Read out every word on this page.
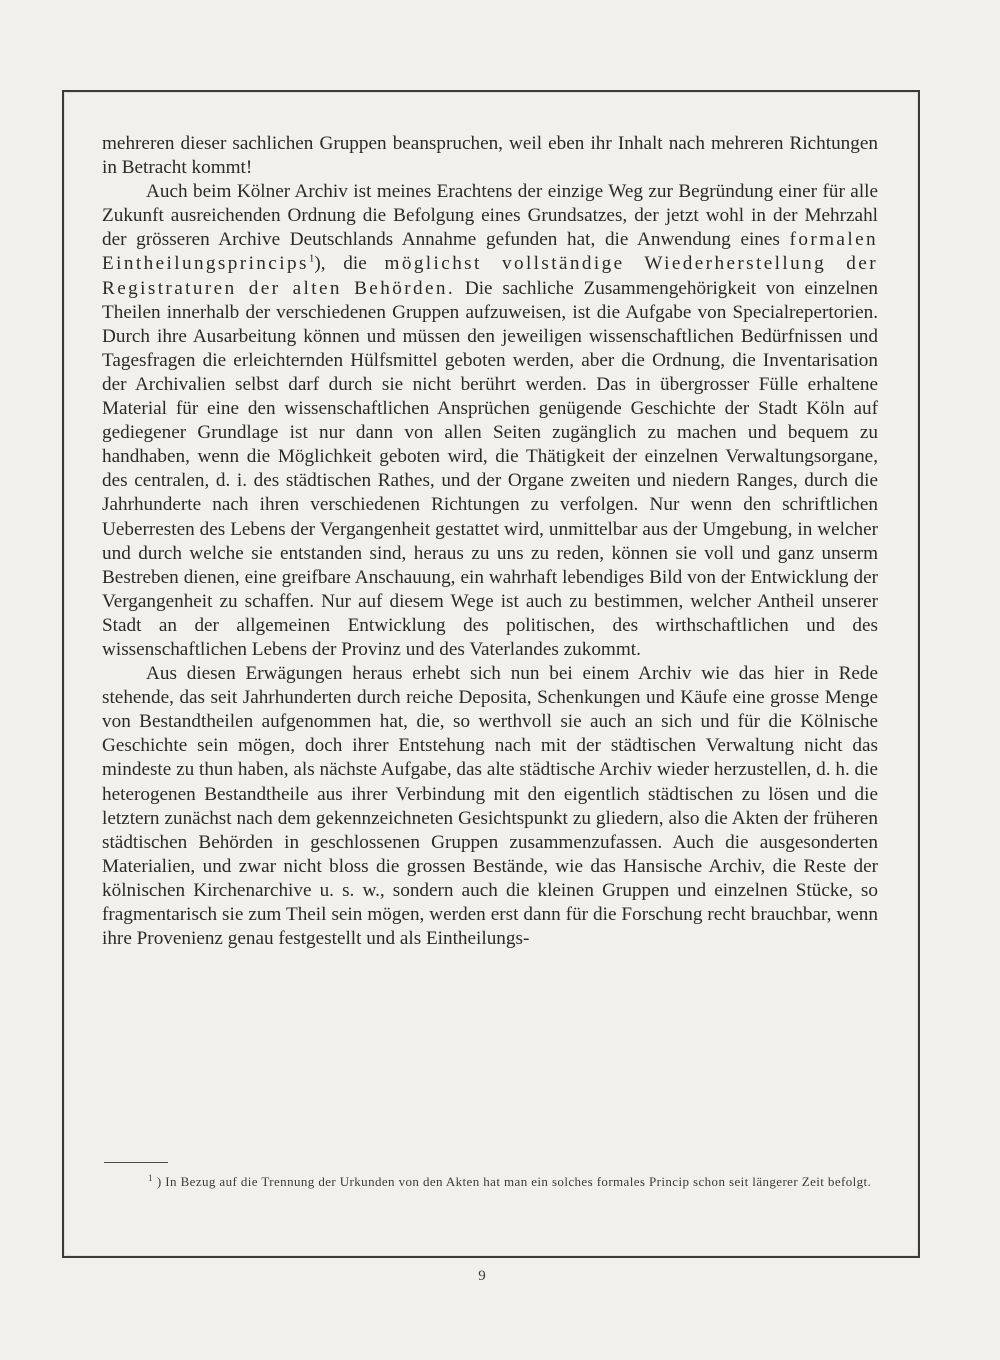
mehreren dieser sachlichen Gruppen beanspruchen, weil eben ihr Inhalt nach mehreren Richtungen in Betracht kommt!

Auch beim Kölner Archiv ist meines Erachtens der einzige Weg zur Begründung einer für alle Zukunft ausreichenden Ordnung die Befolgung eines Grundsatzes, der jetzt wohl in der Mehrzahl der grösseren Archive Deutschlands Annahme gefunden hat, die Anwendung eines formalen Eintheilungsprincips$^1$), die möglichst vollständige Wiederherstellung der Registraturen der alten Behörden. Die sachliche Zusammengehörigkeit von einzelnen Theilen innerhalb der verschiedenen Gruppen aufzuweisen, ist die Aufgabe von Specialrepertorien. Durch ihre Ausarbeitung können und müssen den jeweiligen wissenschaftlichen Bedürfnissen und Tagesfragen die erleichternden Hülfsmittel geboten werden, aber die Ordnung, die Inventarisation der Archivalien selbst darf durch sie nicht berührt werden. Das in übergrosser Fülle erhaltene Material für eine den wissenschaftlichen Ansprüchen genügende Geschichte der Stadt Köln auf gediegener Grundlage ist nur dann von allen Seiten zugänglich zu machen und bequem zu handhaben, wenn die Möglichkeit geboten wird, die Thätigkeit der einzelnen Verwaltungsorgane, des centralen, d. i. des städtischen Rathes, und der Organe zweiten und niedern Ranges, durch die Jahrhunderte nach ihren verschiedenen Richtungen zu verfolgen. Nur wenn den schriftlichen Ueberresten des Lebens der Vergangenheit gestattet wird, unmittelbar aus der Umgebung, in welcher und durch welche sie entstanden sind, heraus zu uns zu reden, können sie voll und ganz unserm Bestreben dienen, eine greifbare Anschauung, ein wahrhaft lebendiges Bild von der Entwicklung der Vergangenheit zu schaffen. Nur auf diesem Wege ist auch zu bestimmen, welcher Antheil unserer Stadt an der allgemeinen Entwicklung des politischen, des wirthschaftlichen und des wissenschaftlichen Lebens der Provinz und des Vaterlandes zukommt.

Aus diesen Erwägungen heraus erhebt sich nun bei einem Archiv wie das hier in Rede stehende, das seit Jahrhunderten durch reiche Deposita, Schenkungen und Käufe eine grosse Menge von Bestandtheilen aufgenommen hat, die, so werthvoll sie auch an sich und für die Kölnische Geschichte sein mögen, doch ihrer Entstehung nach mit der städtischen Verwaltung nicht das mindeste zu thun haben, als nächste Aufgabe, das alte städtische Archiv wieder herzustellen, d. h. die heterogenen Bestandtheile aus ihrer Verbindung mit den eigentlich städtischen zu lösen und die letztern zunächst nach dem gekennzeichneten Gesichtspunkt zu gliedern, also die Akten der früheren städtischen Behörden in geschlossenen Gruppen zusammenzufassen. Auch die ausgesonderten Materialien, und zwar nicht bloss die grossen Bestände, wie das Hansische Archiv, die Reste der kölnischen Kirchenarchive u. s. w., sondern auch die kleinen Gruppen und einzelnen Stücke, so fragmentarisch sie zum Theil sein mögen, werden erst dann für die Forschung recht brauchbar, wenn ihre Provenienz genau festgestellt und als Eintheilungs-

$^1$ ) In Bezug auf die Trennung der Urkunden von den Akten hat man ein solches formales Princip schon seit längerer Zeit befolgt.
9
